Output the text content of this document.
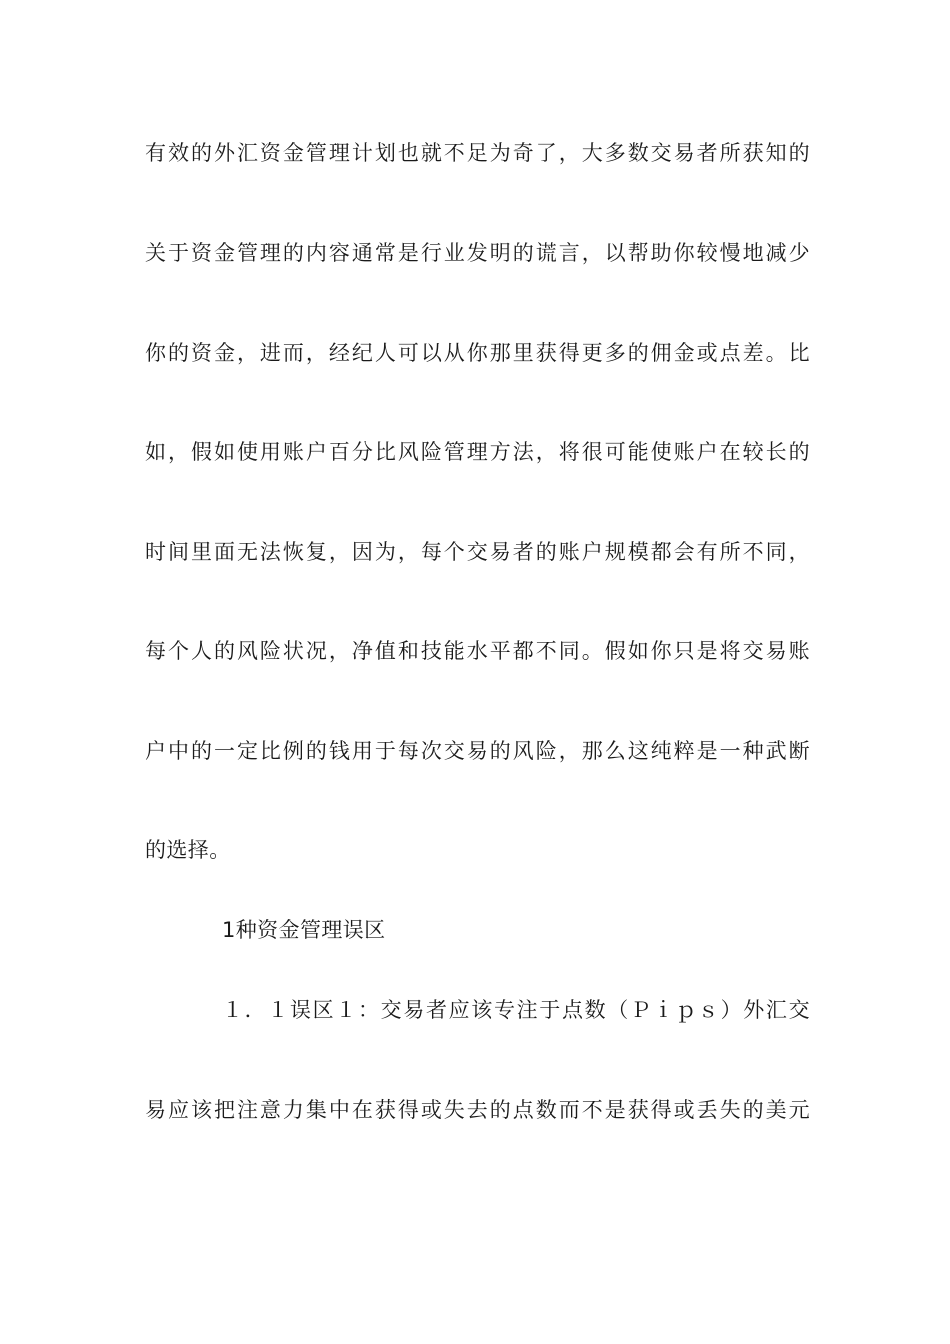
有效的外汇资金管理计划也就不足为奇了，大多数交易者所获知的
关于资金管理的内容通常是行业发明的谎言，以帮助你较慢地减少
你的资金，进而，经纪人可以从你那里获得更多的佣金或点差。比
如，假如使用账户百分比风险管理方法，将很可能使账户在较长的
时间里面无法恢复，因为，每个交易者的账户规模都会有所不同，
每个人的风险状况，净值和技能水平都不同。假如你只是将交易账
户中的一定比例的钱用于每次交易的风险，那么这纯粹是一种武断
的选择。
1种资金管理误区
１．１误区１：交易者应该专注于点数（Ｐｉｐｓ）外汇交
易应该把注意力集中在获得或失去的点数而不是获得或丢失的美元
